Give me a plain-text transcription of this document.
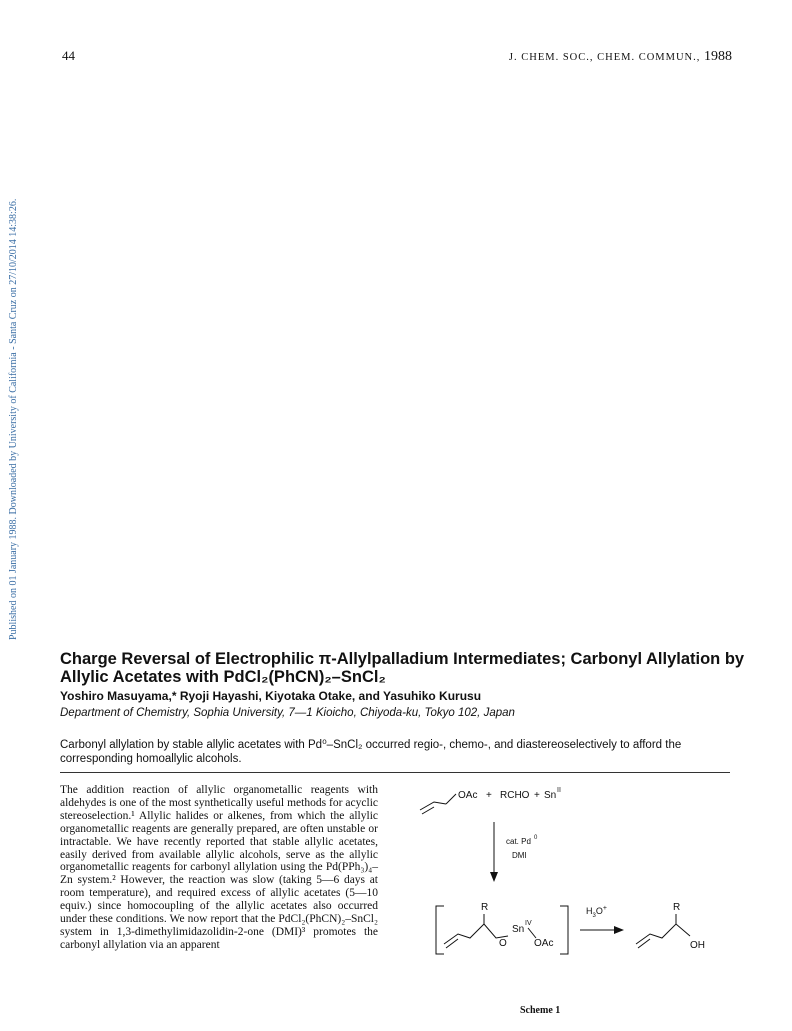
44	J. CHEM. SOC., CHEM. COMMUN., 1988
Published on 01 January 1988. Downloaded by University of California - Santa Cruz on 27/10/2014 14:38:26.
Charge Reversal of Electrophilic π-Allylpalladium Intermediates; Carbonyl Allylation by Allylic Acetates with PdCl₂(PhCN)₂–SnCl₂
Yoshiro Masuyama,* Ryoji Hayashi, Kiyotaka Otake, and Yasuhiko Kurusu
Department of Chemistry, Sophia University, 7—1 Kioicho, Chiyoda-ku, Tokyo 102, Japan
Carbonyl allylation by stable allylic acetates with Pd⁰–SnCl₂ occurred regio-, chemo-, and diastereoselectively to afford the corresponding homoallylic alcohols.

The addition reaction of allylic organometallic reagents with aldehydes is one of the most synthetically useful methods for acyclic stereoselection.¹ Allylic halides or alkenes, from which the allylic organometallic reagents are generally prepared, are often unstable or intractable. We have recently reported that stable allylic acetates, easily derived from available allylic alcohols, serve as the allylic organometallic reagents for carbonyl allylation using the Pd(PPh₃)₄–Zn system.² However, the reaction was slow (taking 5—6 days at room temperature), and required excess of allylic acetates (5—10 equiv.) since homocoupling of the allylic acetates also occurred under these conditions. We now report that the PdCl₂(PhCN)₂–SnCl₂ system in 1,3-dimethylimidazolidin-2-one (DMI)³ promotes the carbonyl allylation via an apparent

OAc + RCHO + Sn II
cat. Pd 0
DMI
R
O
Sn
IV
OAc
$H_3O^+$	R
OH
Scheme 1
